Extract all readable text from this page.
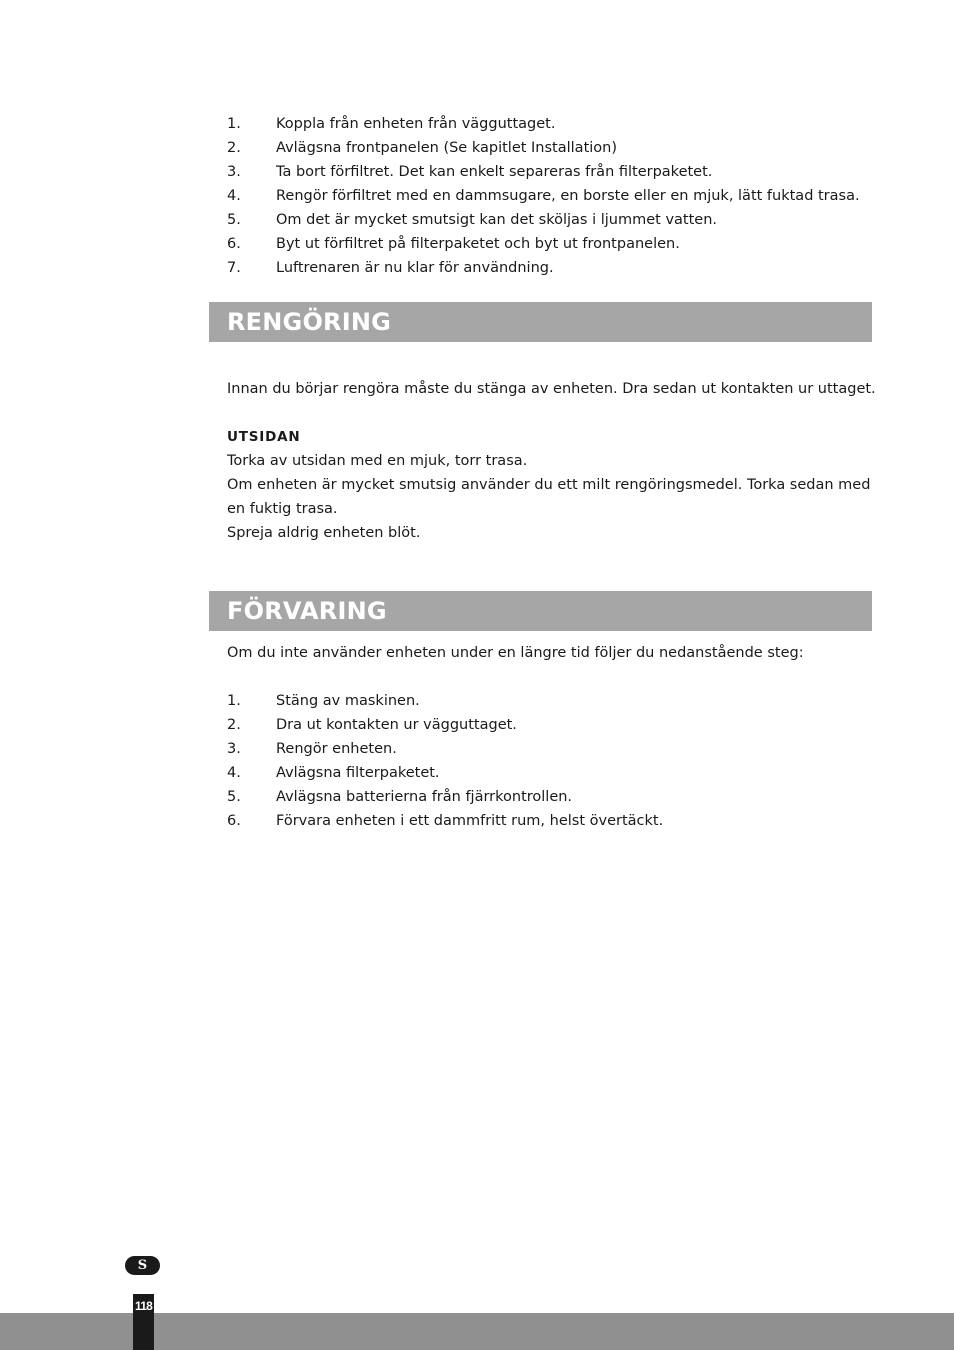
1.	Koppla från enheten från vägguttaget.
2.	Avlägsna frontpanelen (Se kapitlet Installation)
3.	Ta bort förfiltret. Det kan enkelt separeras från filterpaketet.
4.	Rengör förfiltret med en dammsugare, en borste eller en mjuk, lätt fuktad trasa.
5.	Om det är mycket smutsigt kan det sköljas i ljummet vatten.
6.	Byt ut förfiltret på filterpaketet och byt ut frontpanelen.
7.	Luftrenaren är nu klar för användning.
RENGÖRING

Innan du börjar rengöra måste du stänga av enheten. Dra sedan ut kontakten ur uttaget.

UTSIDAN

Torka av utsidan med en mjuk, torr trasa.

Om enheten är mycket smutsig använder du ett milt rengöringsmedel. Torka sedan med en fuktig trasa.

Spreja aldrig enheten blöt.

FÖRVARING

Om du inte använder enheten under en längre tid följer du nedanstående steg:

1.	Stäng av maskinen.
2.	Dra ut kontakten ur vägguttaget.
3.	Rengör enheten.
4.	Avlägsna filterpaketet.
5.	Avlägsna batterierna från fjärrkontrollen.
6.	Förvara enheten i ett dammfritt rum, helst övertäckt.
S
118
